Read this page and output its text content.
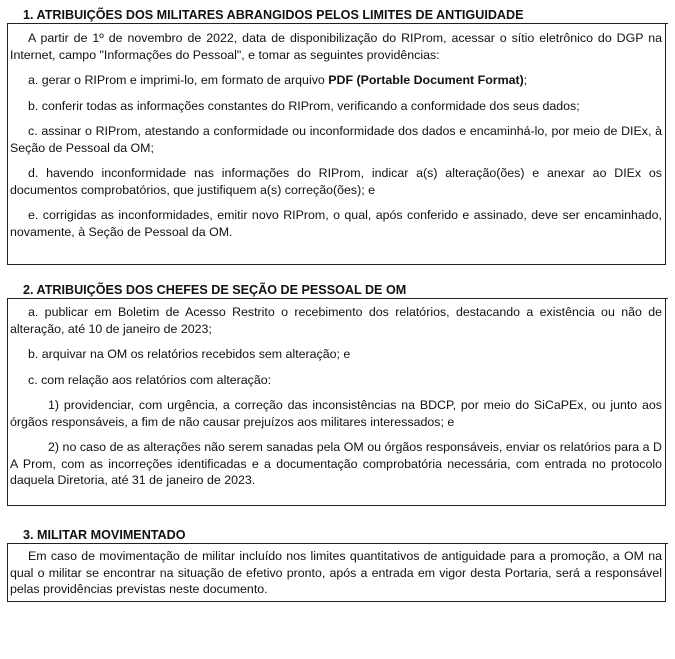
1. ATRIBUIÇÕES DOS MILITARES ABRANGIDOS PELOS LIMITES DE ANTIGUIDADE

A partir de 1º de novembro de 2022, data de disponibilização do RIProm, acessar o sítio eletrônico do DGP na Internet, campo "Informações do Pessoal", e tomar as seguintes providências:

a. gerar o RIProm e imprimi-lo, em formato de arquivo PDF (Portable Document Format);

b. conferir todas as informações constantes do RIProm, verificando a conformidade dos seus dados;

c. assinar o RIProm, atestando a conformidade ou inconformidade dos dados e encaminhá-lo, por meio de DIEx, à Seção de Pessoal da OM;

d. havendo inconformidade nas informações do RIProm, indicar a(s) alteração(ões) e anexar ao DIEx os documentos comprobatórios, que justifiquem a(s) correção(ões); e

e. corrigidas as inconformidades, emitir novo RIProm, o qual, após conferido e assinado, deve ser encaminhado, novamente, à Seção de Pessoal da OM.

2. ATRIBUIÇÕES DOS CHEFES DE SEÇÃO DE PESSOAL DE OM

a. publicar em Boletim de Acesso Restrito o recebimento dos relatórios, destacando a existência ou não de alteração, até 10 de janeiro de 2023;

b. arquivar na OM os relatórios recebidos sem alteração; e

c. com relação aos relatórios com alteração:

1) providenciar, com urgência, a correção das inconsistências na BDCP, por meio do SiCaPEx, ou junto aos órgãos responsáveis, a fim de não causar prejuízos aos militares interessados; e

2) no caso de as alterações não serem sanadas pela OM ou órgãos responsáveis, enviar os relatórios para a D A Prom, com as incorreções identificadas e a documentação comprobatória necessária, com entrada no protocolo daquela Diretoria, até 31 de janeiro de 2023.

3. MILITAR MOVIMENTADO

Em caso de movimentação de militar incluído nos limites quantitativos de antiguidade para a promoção, a OM na qual o militar se encontrar na situação de efetivo pronto, após a entrada em vigor desta Portaria, será a responsável pelas providências previstas neste documento.
